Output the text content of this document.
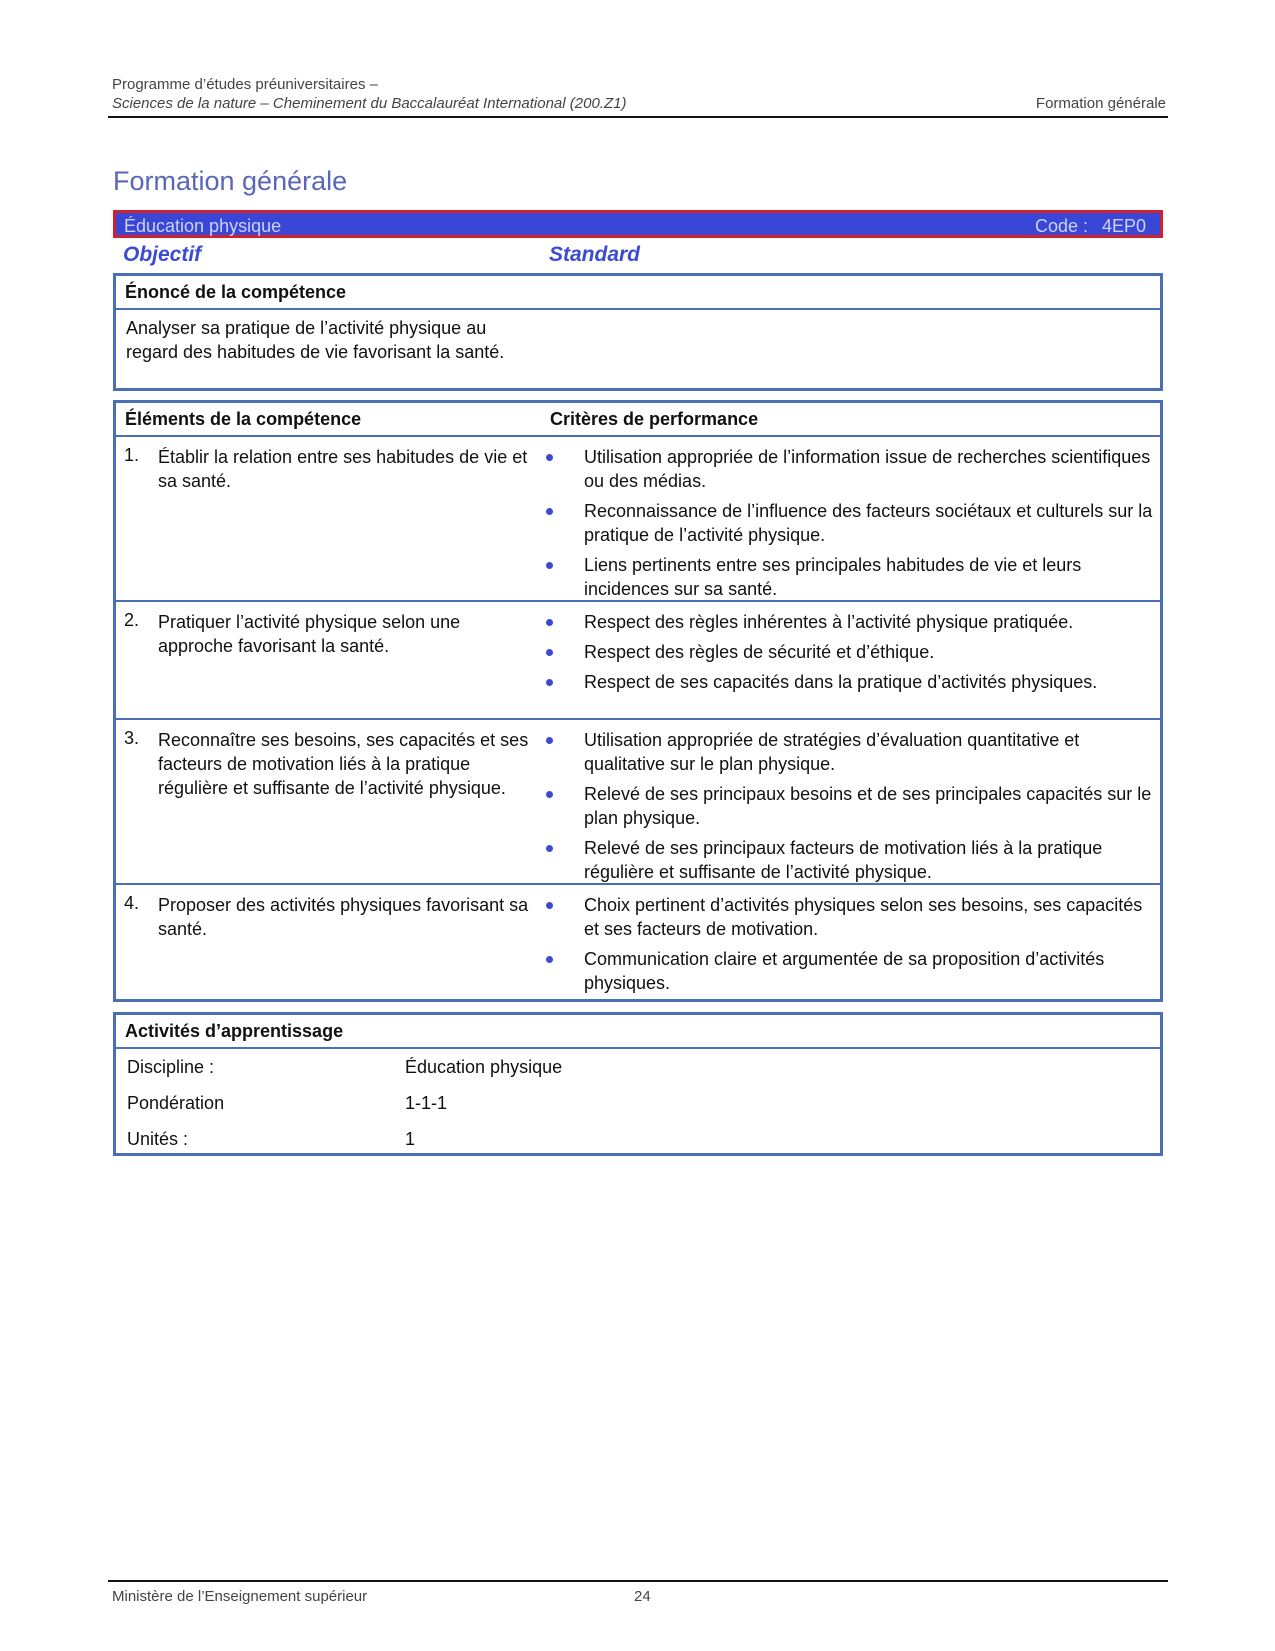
Programme d’études préuniversitaires –
Sciences de la nature – Cheminement du Baccalauréat International (200.Z1)	Formation générale
Formation générale
Éducation physique	Code : 4EP0
Objectif	Standard
Énoncé de la compétence
Analyser sa pratique de l’activité physique au regard des habitudes de vie favorisant la santé.
Éléments de la compétence	Critères de performance
1. Établir la relation entre ses habitudes de vie et sa santé.
Utilisation appropriée de l’information issue de recherches scientifiques ou des médias.
Reconnaissance de l’influence des facteurs sociétaux et culturels sur la pratique de l’activité physique.
Liens pertinents entre ses principales habitudes de vie et leurs incidences sur sa santé.
2. Pratiquer l’activité physique selon une approche favorisant la santé.
Respect des règles inhérentes à l’activité physique pratiquée.
Respect des règles de sécurité et d’éthique.
Respect de ses capacités dans la pratique d’activités physiques.
3. Reconnaître ses besoins, ses capacités et ses facteurs de motivation liés à la pratique régulière et suffisante de l’activité physique.
Utilisation appropriée de stratégies d’évaluation quantitative et qualitative sur le plan physique.
Relevé de ses principaux besoins et de ses principales capacités sur le plan physique.
Relevé de ses principaux facteurs de motivation liés à la pratique régulière et suffisante de l’activité physique.
4. Proposer des activités physiques favorisant sa santé.
Choix pertinent d’activités physiques selon ses besoins, ses capacités et ses facteurs de motivation.
Communication claire et argumentée de sa proposition d’activités physiques.
Activités d’apprentissage
Discipline :	Éducation physique
Pondération	1-1-1
Unités :	1
Ministère de l’Enseignement supérieur	24
